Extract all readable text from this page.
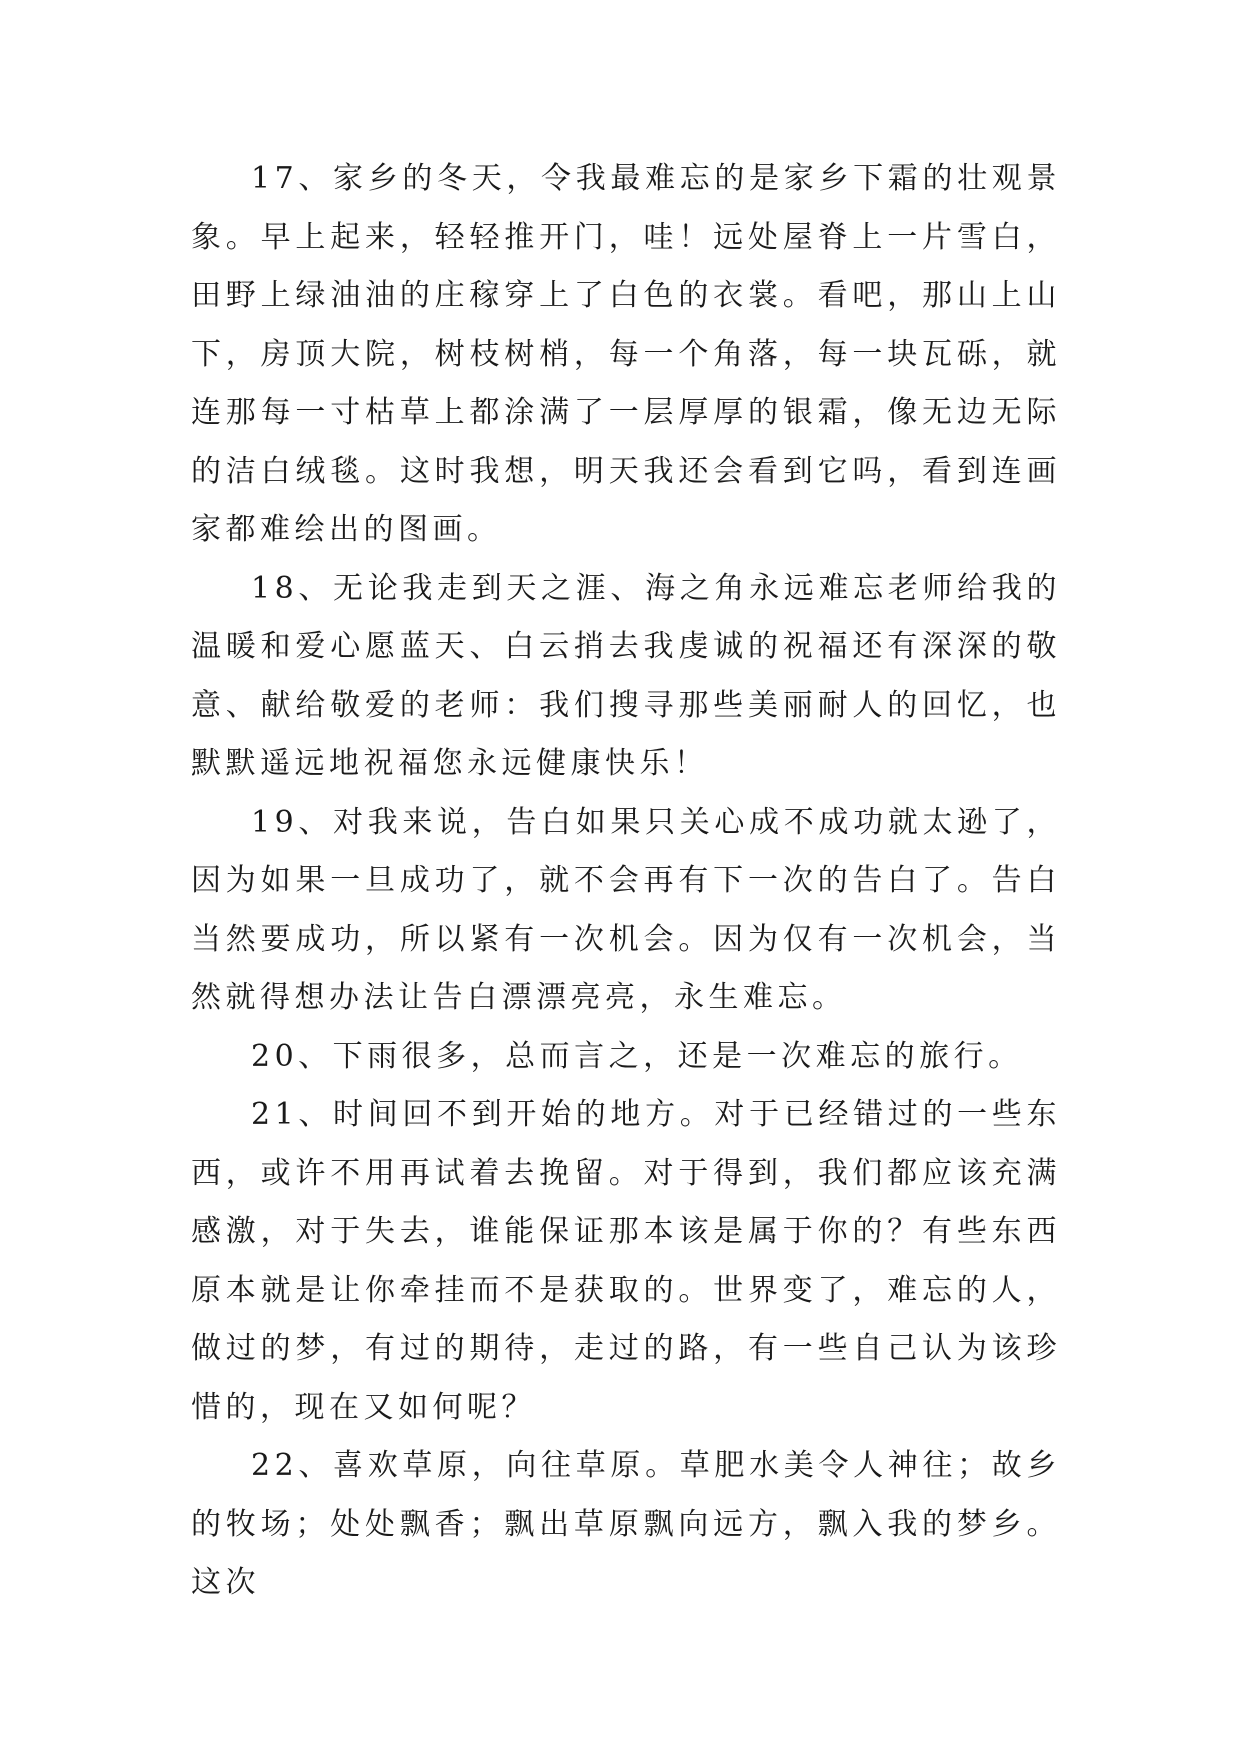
17、家乡的冬天，令我最难忘的是家乡下霜的壮观景象。早上起来，轻轻推开门，哇！远处屋脊上一片雪白，田野上绿油油的庄稼穿上了白色的衣裳。看吧，那山上山下，房顶大院，树枝树梢，每一个角落，每一块瓦砾，就连那每一寸枯草上都涂满了一层厚厚的银霜，像无边无际的洁白绒毯。这时我想，明天我还会看到它吗，看到连画家都难绘出的图画。

18、无论我走到天之涯、海之角永远难忘老师给我的温暖和爱心愿蓝天、白云捎去我虔诚的祝福还有深深的敬意、献给敬爱的老师：我们搜寻那些美丽耐人的回忆，也默默遥远地祝福您永远健康快乐！

19、对我来说，告白如果只关心成不成功就太逊了，因为如果一旦成功了，就不会再有下一次的告白了。告白当然要成功，所以紧有一次机会。因为仅有一次机会，当然就得想办法让告白漂漂亮亮，永生难忘。

20、下雨很多，总而言之，还是一次难忘的旅行。

21、时间回不到开始的地方。对于已经错过的一些东西，或许不用再试着去挽留。对于得到，我们都应该充满感激，对于失去，谁能保证那本该是属于你的？有些东西原本就是让你牵挂而不是获取的。世界变了，难忘的人，做过的梦，有过的期待，走过的路，有一些自己认为该珍惜的，现在又如何呢？

22、喜欢草原，向往草原。草肥水美令人神往；故乡的牧场；处处飘香；飘出草原飘向远方，飘入我的梦乡。这次
